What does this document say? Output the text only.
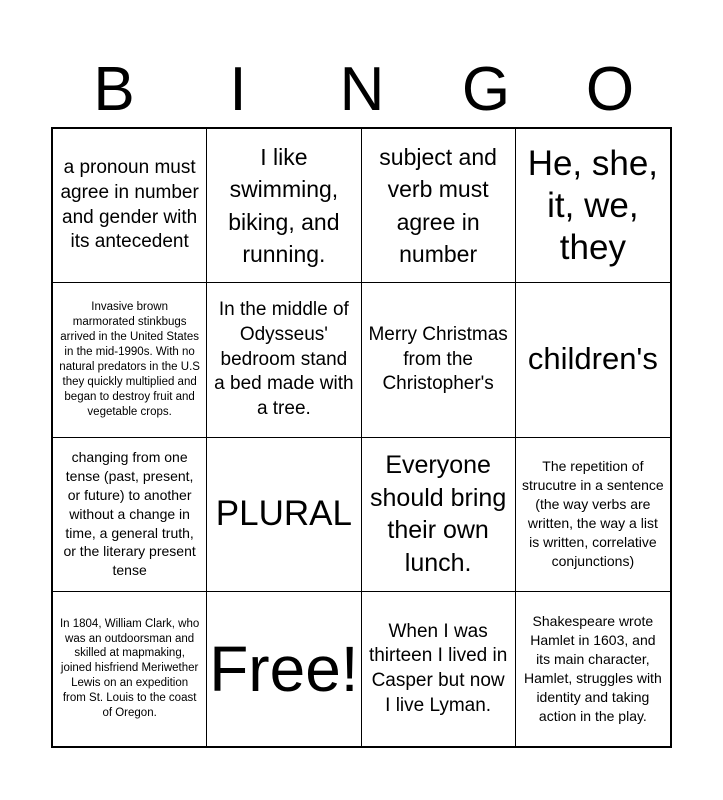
B	I	N	G	O
a pronoun must agree in number and gender with its antecedent
I like swimming, biking, and running.
subject and verb must agree in number
He, she, it, we, they
Invasive brown marmorated stinkbugs arrived in the United States in the mid-1990s. With no natural predators in the U.S they quickly multiplied and began to destroy fruit and vegetable crops.
In the middle of Odysseus' bedroom stand a bed made with a tree.
Merry Christmas from the Christopher's
children's
changing from one tense (past, present, or future) to another without a change in time, a general truth, or the literary present tense
PLURAL
Everyone should bring their own lunch.
The repetition of strucutre in a sentence (the way verbs are written, the way a list is written, correlative conjunctions)
In 1804, William Clark, who was an outdoorsman and skilled at mapmaking, joined hisfriend Meriwether Lewis on an expedition from St. Louis to the coast of Oregon.
Free!
When I was thirteen I lived in Casper but now I live Lyman.
Shakespeare wrote Hamlet in 1603, and its main character, Hamlet, struggles with identity and taking action in the play.
